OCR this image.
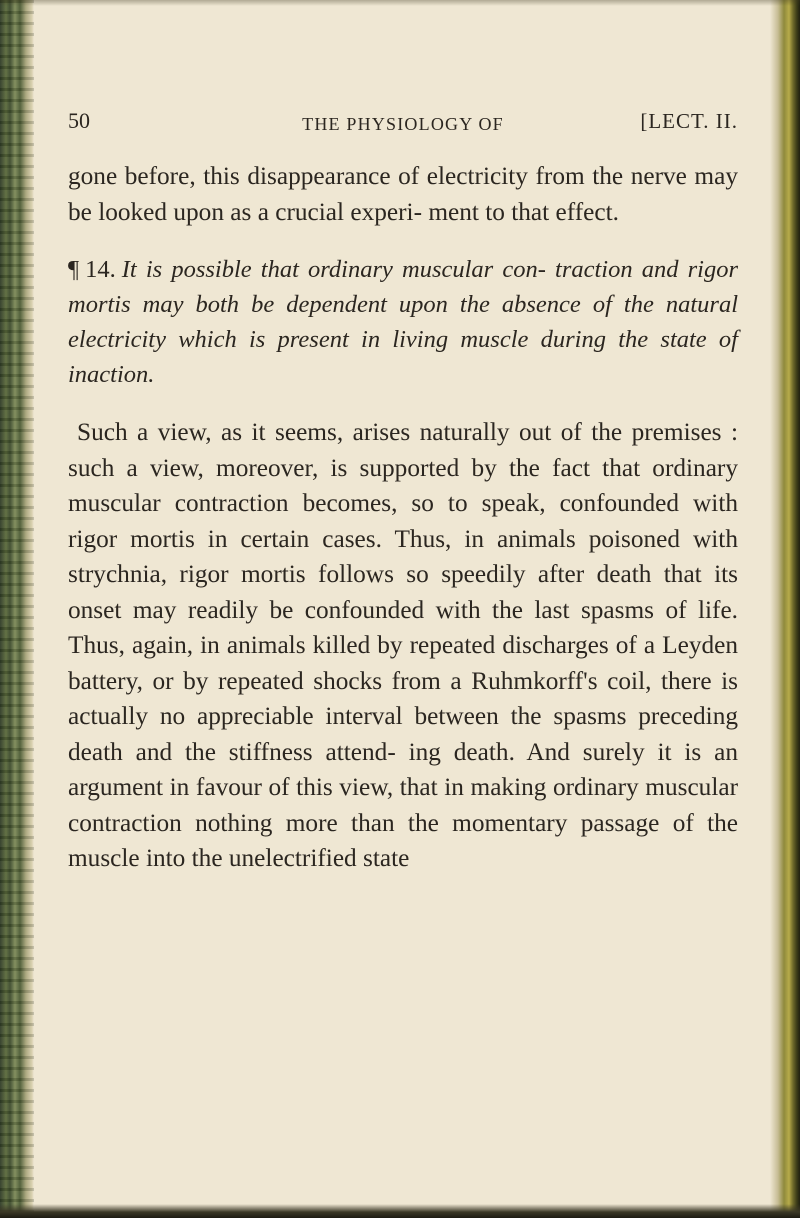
50	THE PHYSIOLOGY OF	[LECT. II.

gone before, this disappearance of electricity from the nerve may be looked upon as a crucial experi- ment to that effect.

¶ 14. It is possible that ordinary muscular con- traction and rigor mortis may both be dependent upon the absence of the natural electricity which is present in living muscle during the state of inaction.

Such a view, as it seems, arises naturally out of the premises : such a view, moreover, is supported by the fact that ordinary muscular contraction becomes, so to speak, confounded with rigor mortis in certain cases. Thus, in animals poisoned with strychnia, rigor mortis follows so speedily after death that its onset may readily be confounded with the last spasms of life. Thus, again, in animals killed by repeated discharges of a Leyden battery, or by repeated shocks from a Ruhmkorff's coil, there is actually no appreciable interval between the spasms preceding death and the stiffness attend- ing death. And surely it is an argument in favour of this view, that in making ordinary muscular contraction nothing more than the momentary passage of the muscle into the unelectrified state
